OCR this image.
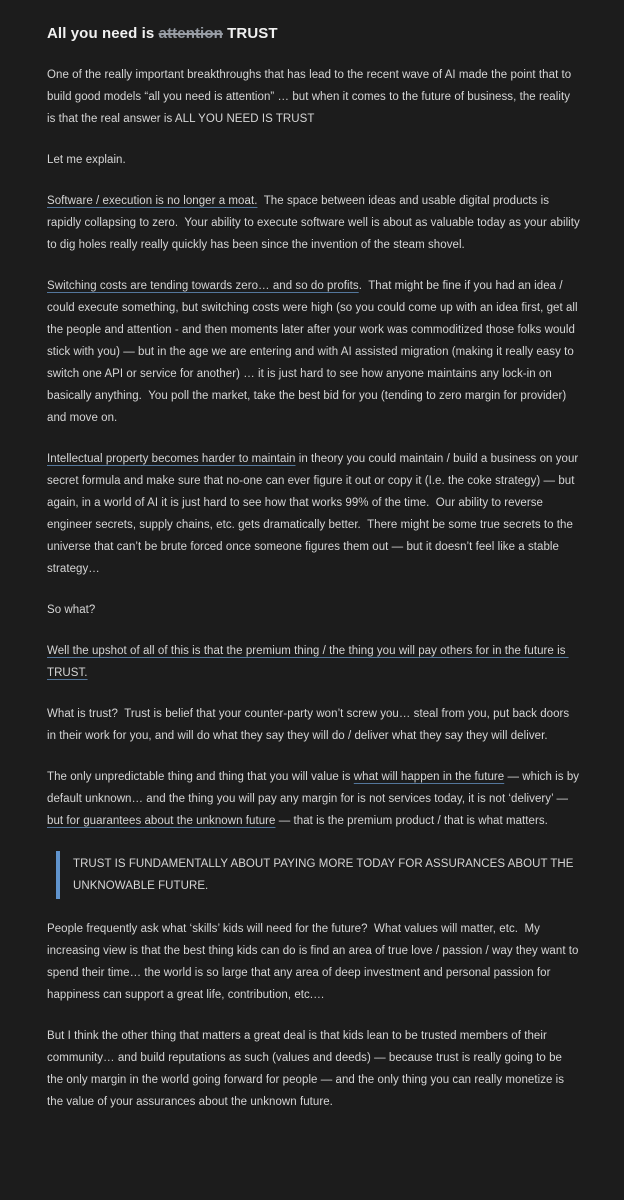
All you need is attention TRUST

One of the really important breakthroughs that has lead to the recent wave of AI made the point that to build good models “all you need is attention” … but when it comes to the future of business, the reality is that the real answer is ALL YOU NEED IS TRUST

Let me explain.

Software / execution is no longer a moat.  The space between ideas and usable digital products is rapidly collapsing to zero.  Your ability to execute software well is about as valuable today as your ability to dig holes really really quickly has been since the invention of the steam shovel.

Switching costs are tending towards zero… and so do profits.  That might be fine if you had an idea / could execute something, but switching costs were high (so you could come up with an idea first, get all the people and attention - and then moments later after your work was commoditized those folks would stick with you) — but in the age we are entering and with AI assisted migration (making it really easy to switch one API or service for another) … it is just hard to see how anyone maintains any lock-in on basically anything.  You poll the market, take the best bid for you (tending to zero margin for provider) and move on.

Intellectual property becomes harder to maintain in theory you could maintain / build a business on your secret formula and make sure that no-one can ever figure it out or copy it (I.e. the coke strategy) — but again, in a world of AI it is just hard to see how that works 99% of the time.  Our ability to reverse engineer secrets, supply chains, etc. gets dramatically better.  There might be some true secrets to the universe that can’t be brute forced once someone figures them out — but it doesn’t feel like a stable strategy…

So what?

Well the upshot of all of this is that the premium thing / the thing you will pay others for in the future is TRUST.

What is trust?  Trust is belief that your counter-party won’t screw you… steal from you, put back doors in their work for you, and will do what they say they will do / deliver what they say they will deliver.

The only unpredictable thing and thing that you will value is what will happen in the future — which is by default unknown… and the thing you will pay any margin for is not services today, it is not ‘delivery’ — but for guarantees about the unknown future — that is the premium product / that is what matters.

TRUST IS FUNDAMENTALLY ABOUT PAYING MORE TODAY FOR ASSURANCES ABOUT THE UNKNOWABLE FUTURE.

People frequently ask what ‘skills’ kids will need for the future?  What values will matter, etc.  My increasing view is that the best thing kids can do is find an area of true love / passion / way they want to spend their time… the world is so large that any area of deep investment and personal passion for happiness can support a great life, contribution, etc.…

But I think the other thing that matters a great deal is that kids lean to be trusted members of their community… and build reputations as such (values and deeds) — because trust is really going to be the only margin in the world going forward for people — and the only thing you can really monetize is the value of your assurances about the unknown future.
